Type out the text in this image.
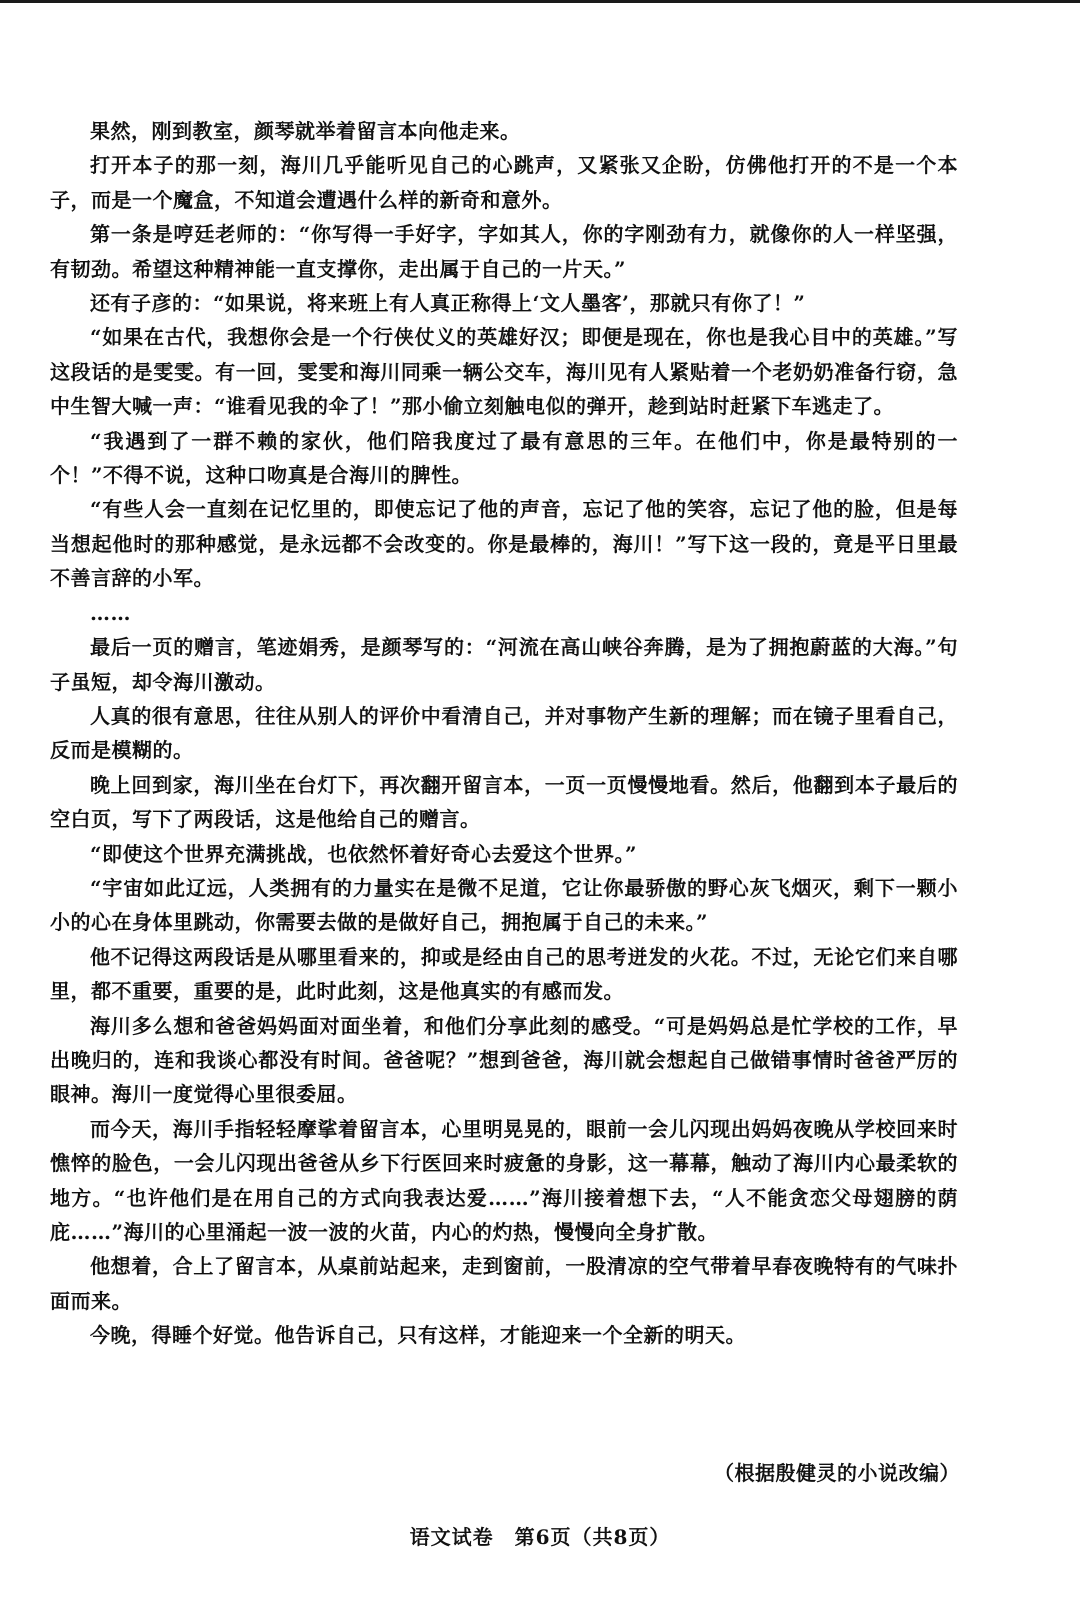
果然，刚到教室，颜琴就举着留言本向他走来。

打开本子的那一刻，海川几乎能听见自己的心跳声，又紧张又企盼，仿佛他打开的不是一个本子，而是一个魔盒，不知道会遭遇什么样的新奇和意外。

第一条是哼廷老师的：“你写得一手好字，字如其人，你的字刚劲有力，就像你的人一样坚强，有韧劲。希望这种精神能一直支撑你，走出属于自己的一片天。”

还有子彦的：“如果说，将来班上有人真正称得上‘文人墨客’，那就只有你了！”

“如果在古代，我想你会是一个行侠仗义的英雄好汉；即便是现在，你也是我心目中的英雄。”写这段话的是雯雯。有一回，雯雯和海川同乘一辆公交车，海川见有人紧贴着一个老奶奶准备行窃，急中生智大喊一声：“谁看见我的伞了！”那小偷立刻触电似的弹开，趁到站时赶紧下车逃走了。

“我遇到了一群不赖的家伙，他们陪我度过了最有意思的三年。在他们中，你是最特别的一个！”不得不说，这种口吻真是合海川的脾性。

“有些人会一直刻在记忆里的，即使忘记了他的声音，忘记了他的笑容，忘记了他的脸，但是每当想起他时的那种感觉，是永远都不会改变的。你是最棒的，海川！”写下这一段的，竟是平日里最不善言辞的小军。

……

最后一页的赠言，笔迹娟秀，是颜琴写的：“河流在高山峡谷奔腾，是为了拥抱蔚蓝的大海。”句子虽短，却令海川激动。

人真的很有意思，往往从别人的评价中看清自己，并对事物产生新的理解；而在镜子里看自己，反而是模糊的。

晚上回到家，海川坐在台灯下，再次翻开留言本，一页一页慢慢地看。然后，他翻到本子最后的空白页，写下了两段话，这是他给自己的赠言。

“即使这个世界充满挑战，也依然怀着好奇心去爱这个世界。”

“宇宙如此辽远，人类拥有的力量实在是微不足道，它让你最骄傲的野心灰飞烟灭，剩下一颗小小的心在身体里跳动，你需要去做的是做好自己，拥抱属于自己的未来。”

他不记得这两段话是从哪里看来的，抑或是经由自己的思考迸发的火花。不过，无论它们来自哪里，都不重要，重要的是，此时此刻，这是他真实的有感而发。

海川多么想和爸爸妈妈面对面坐着，和他们分享此刻的感受。“可是妈妈总是忙学校的工作，早出晚归的，连和我谈心都没有时间。爸爸呢？”想到爸爸，海川就会想起自己做错事情时爸爸严厉的眼神。海川一度觉得心里很委屈。

而今天，海川手指轻轻摩挲着留言本，心里明晃晃的，眼前一会儿闪现出妈妈夜晚从学校回来时憔悴的脸色，一会儿闪现出爸爸从乡下行医回来时疲惫的身影，这一幕幕，触动了海川内心最柔软的地方。“也许他们是在用自己的方式向我表达爱……”海川接着想下去，“人不能贪恋父母翅膀的荫庇……”海川的心里涌起一波一波的火苗，内心的灼热，慢慢向全身扩散。

他想着，合上了留言本，从桌前站起来，走到窗前，一股清凉的空气带着早春夜晚特有的气味扑面而来。

今晚，得睡个好觉。他告诉自己，只有这样，才能迎来一个全新的明天。

（根据殷健灵的小说改编）
语文试卷　第6页（共8页）
